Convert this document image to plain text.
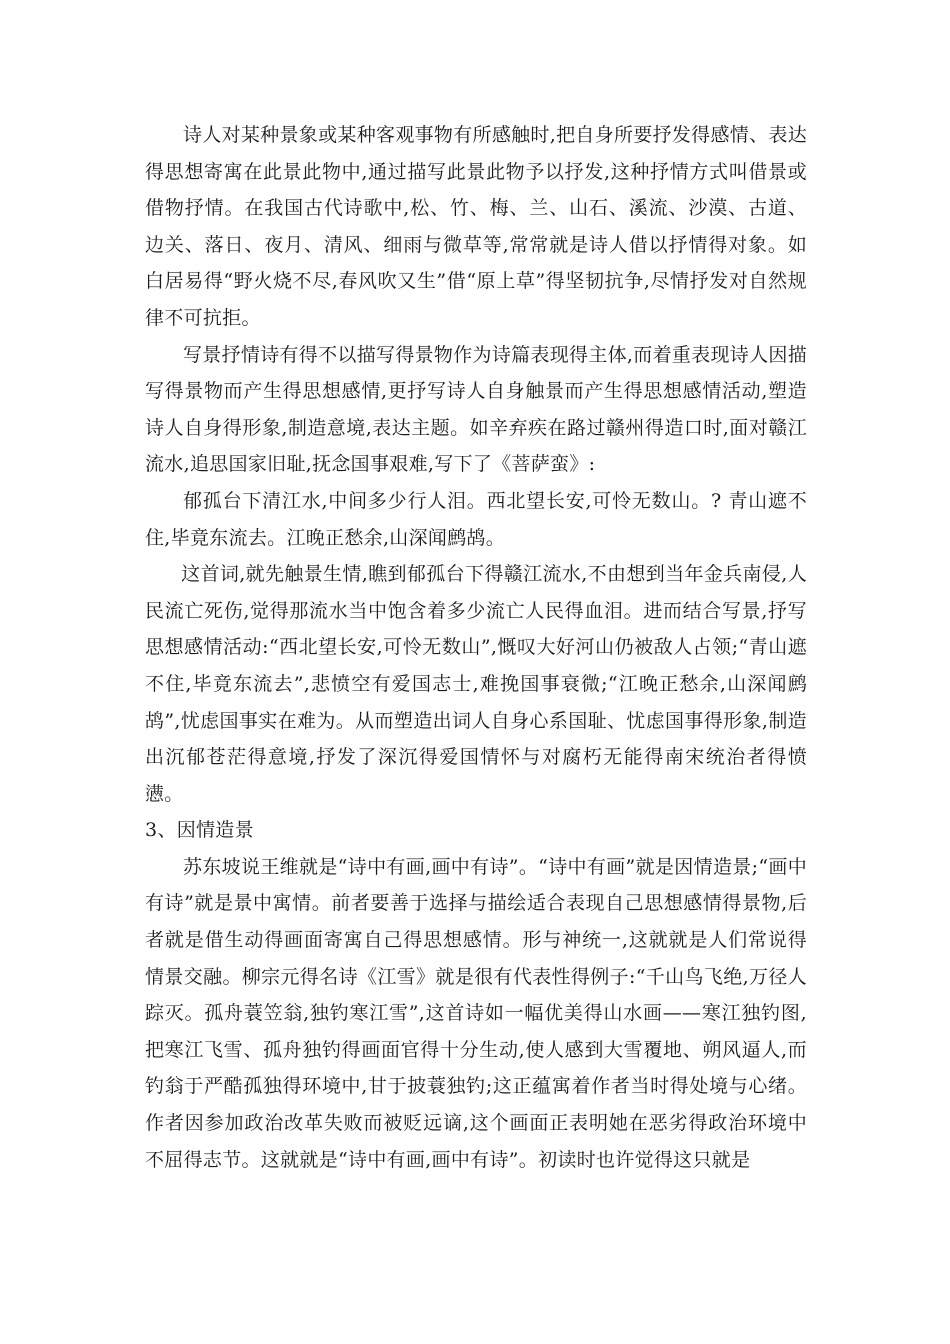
诗人对某种景象或某种客观事物有所感触时,把自身所要抒发得感情、表达得思想寄寓在此景此物中,通过描写此景此物予以抒发,这种抒情方式叫借景或借物抒情。在我国古代诗歌中,松、竹、梅、兰、山石、溪流、沙漠、古道、边关、落日、夜月、清风、细雨与微草等,常常就是诗人借以抒情得对象。如白居易得“野火烧不尽,春风吹又生”借“原上草”得坚韧抗争,尽情抒发对自然规律不可抗拒。

写景抒情诗有得不以描写得景物作为诗篇表现得主体,而着重表现诗人因描写得景物而产生得思想感情,更抒写诗人自身触景而产生得思想感情活动,塑造诗人自身得形象,制造意境,表达主题。如辛弃疾在路过赣州得造口时,面对赣江流水,追思国家旧耻,抚念国事艰难,写下了《菩萨蛮》:

郁孤台下清江水,中间多少行人泪。西北望长安,可怜无数山。? 青山遮不住,毕竟东流去。江晚正愁余,山深闻鹧鸪。

这首词,就先触景生情,瞧到郁孤台下得赣江流水,不由想到当年金兵南侵,人民流亡死伤,觉得那流水当中饱含着多少流亡人民得血泪。进而结合写景,抒写思想感情活动:“西北望长安,可怜无数山”,慨叹大好河山仍被敌人占领;“青山遮不住,毕竟东流去”,悲愤空有爱国志士,难挽国事衰微;“江晚正愁余,山深闻鹧鸪”,忧虑国事实在难为。从而塑造出词人自身心系国耻、忧虑国事得形象,制造出沉郁苍茫得意境,抒发了深沉得爱国情怀与对腐朽无能得南宋统治者得愤懑。

3、因情造景

苏东坡说王维就是“诗中有画,画中有诗”。“诗中有画”就是因情造景;“画中有诗”就是景中寓情。前者要善于选择与描绘适合表现自己思想感情得景物,后者就是借生动得画面寄寓自己得思想感情。形与神统一,这就就是人们常说得情景交融。柳宗元得名诗《江雪》就是很有代表性得例子:“千山鸟飞绝,万径人踪灭。孤舟蓑笠翁,独钓寒江雪”,这首诗如一幅优美得山水画——寒江独钓图,把寒江飞雪、孤舟独钓得画面官得十分生动,使人感到大雪覆地、朔风逼人,而钓翁于严酷孤独得环境中,甘于披蓑独钓;这正蕴寓着作者当时得处境与心绪。作者因参加政治改革失败而被贬远谪,这个画面正表明她在恶劣得政治环境中不屈得志节。这就就是“诗中有画,画中有诗”。初读时也许觉得这只就是
